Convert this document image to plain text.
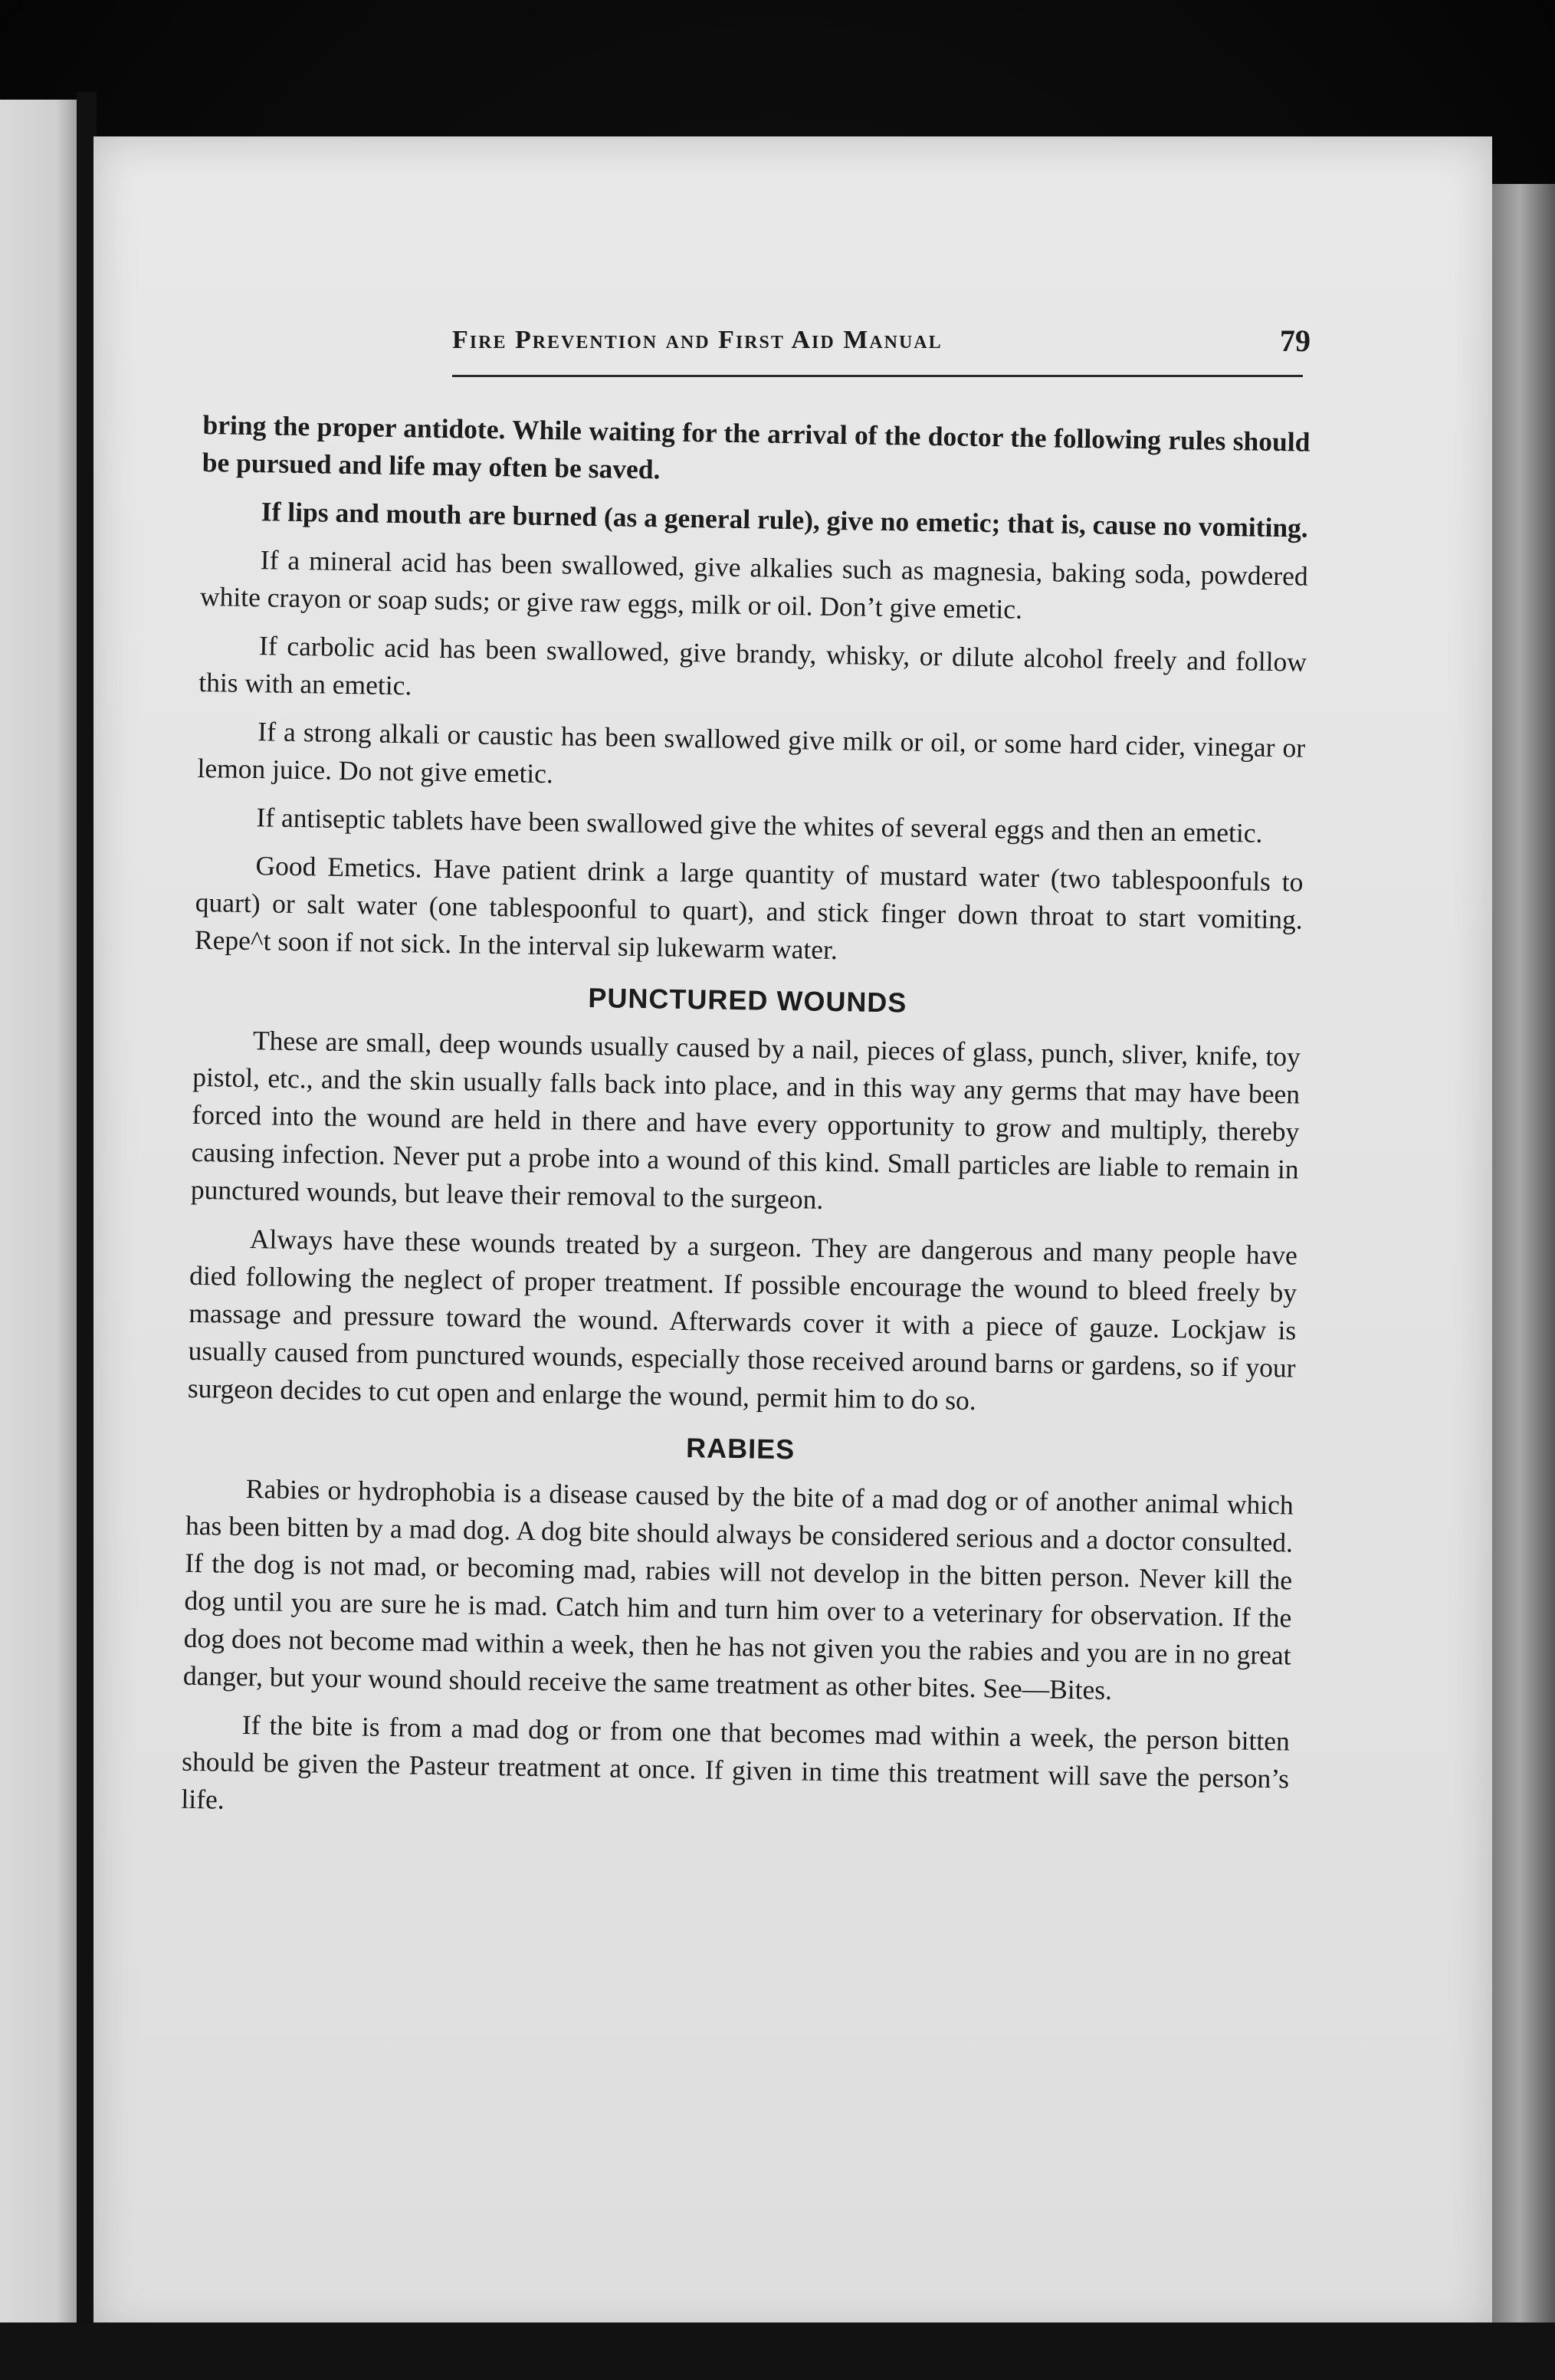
Fire Prevention and First Aid Manual	79

bring the proper antidote. While waiting for the arrival of the doctor the following rules should be pursued and life may often be saved.

If lips and mouth are burned (as a general rule), give no emetic; that is, cause no vomiting.

If a mineral acid has been swallowed, give alkalies such as magnesia, baking soda, powdered white crayon or soap suds; or give raw eggs, milk or oil. Don’t give emetic.

If carbolic acid has been swallowed, give brandy, whisky, or dilute alcohol freely and follow this with an emetic.

If a strong alkali or caustic has been swallowed give milk or oil, or some hard cider, vinegar or lemon juice. Do not give emetic.

If antiseptic tablets have been swallowed give the whites of several eggs and then an emetic.

Good Emetics. Have patient drink a large quantity of mustard water (two tablespoonfuls to quart) or salt water (one tablespoonful to quart), and stick finger down throat to start vomiting. Repe^t soon if not sick. In the interval sip lukewarm water.

PUNCTURED WOUNDS

These are small, deep wounds usually caused by a nail, pieces of glass, punch, sliver, knife, toy pistol, etc., and the skin usually falls back into place, and in this way any germs that may have been forced into the wound are held in there and have every opportunity to grow and multiply, thereby causing infection. Never put a probe into a wound of this kind. Small particles are liable to remain in punctured wounds, but leave their removal to the surgeon.

Always have these wounds treated by a surgeon. They are dangerous and many people have died following the neglect of proper treatment. If possible encourage the wound to bleed freely by massage and pressure toward the wound. Afterwards cover it with a piece of gauze. Lockjaw is usually caused from punctured wounds, especially those received around barns or gardens, so if your surgeon decides to cut open and enlarge the wound, permit him to do so.

RABIES

Rabies or hydrophobia is a disease caused by the bite of a mad dog or of another animal which has been bitten by a mad dog. A dog bite should always be considered serious and a doctor consulted. If the dog is not mad, or becoming mad, rabies will not develop in the bitten person. Never kill the dog until you are sure he is mad. Catch him and turn him over to a veterinary for observation. If the dog does not become mad within a week, then he has not given you the rabies and you are in no great danger, but your wound should receive the same treatment as other bites. See—Bites.

If the bite is from a mad dog or from one that becomes mad within a week, the person bitten should be given the Pasteur treatment at once. If given in time this treatment will save the person’s life.
